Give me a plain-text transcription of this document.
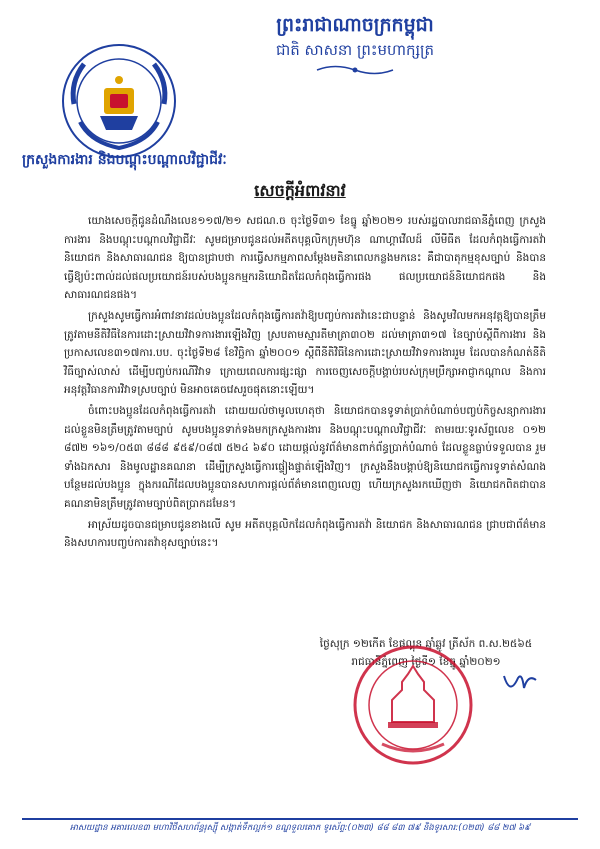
ព្រះរាជាណាចក្រកម្ពុជា
ជាតិ សាសនា ព្រះមហាក្សត្រ
ក្រសួងការងារ និងបណ្តុះបណ្តាលវិជ្ជាជីវៈ
សេចក្តីអំពាវនាវ

យោងសេចក្តីជូនដំណឹងលេខ១១៧/២១ សជណ.ច ចុះថ្ងៃទី៣១ ខែធ្នូ ឆ្នាំ២០២១ របស់រដ្ឋបាលរាជធានីភ្នំពេញ ក្រសួងការងារ និងបណ្តុះបណ្តាលវិជ្ជាជីវៈ សូមជម្រាបជូនដល់អតីតបុគ្គលិកក្រុមហ៊ុន ណាហ្គាវើលដ៍ លីមីធីត ដែលកំពុងធ្វើការតវ៉ា និយោជក និងសាធារណជន ឱ្យបានជ្រាបថា ការធ្វើសកម្មភាពសម្តែងមតិនាពេលកន្លងមកនេះ គឺជាបាតុកម្មខុសច្បាប់ និងបានធ្វើឱ្យប៉ះពាល់ដល់ផលប្រយោជន៍របស់បងប្អូនកម្មករនិយោជិតដែលកំពុងធ្វើការផង ផលប្រយោជន៍និយោជកផង និងសាធារណជនផង។

ក្រសួងសូមធ្វើការអំពាវនាវដល់បងប្អូនដែលកំពុងធ្វើការតវ៉ាឱ្យបញ្ចប់ការតវ៉ានេះជាបន្ទាន់ និងសូមវិលមកអនុវត្តឱ្យបានត្រឹមត្រូវតាមនីតិវិធីនៃការដោះស្រាយវិវាទការងារឡើងវិញ ស្របតាមស្មារតីមាត្រា៣០២ ដល់មាត្រា៣១៧ នៃច្បាប់ស្តីពីការងារ និងប្រកាសលេខ៣១៧ការ.បប. ចុះថ្ងៃទី២៨ ខែវិច្ឆិកា ឆ្នាំ២០០១ ស្តីពីនីតិវិធីនៃការដោះស្រាយវិវាទការងាររួម ដែលបានកំណត់នីតិវិធីច្បាស់លាស់ ដើម្បីបញ្ចប់ករណីវិវាទ ក្រោយពេលការផ្សះផ្សា ការចេញសេចក្តីបង្គាប់របស់ក្រុមប្រឹក្សាអាជ្ញាកណ្តាល និងការអនុវត្តវិធានការវិវាទស្របច្បាប់ មិនអាចគេចវេសរួចផុតនោះឡើយ។

ចំពោះបងប្អូនដែលកំពុងធ្វើការតវ៉ា ដោយយល់ថាមូលហេតុថា និយោជកបានទូទាត់ប្រាក់បំណាច់បញ្ចប់កិច្ចសន្យាការងារ ដល់ខ្លួនមិនត្រឹមត្រូវតាមច្បាប់ សូមបងប្អូនទាក់ទងមកក្រសួងការងារ និងបណ្តុះបណ្តាលវិជ្ជាជីវៈ តាមរយៈទូរស័ព្ទលេខ ០១២ ៨៧២ ១៦១/០៥៣ ៨៨៨ ៩៥៩/០៨៧ ៥២៤ ៦៩០ ដោយផ្តល់នូវព័ត៌មានពាក់ព័ន្ធប្រាក់បំណាច់ ដែលខ្លួនធ្លាប់ទទួលបាន រួមទាំងឯកសារ និងមូលដ្ឋានគណនា ដើម្បីក្រសួងធ្វើការផ្ទៀងផ្ទាត់ឡើងវិញ។ ក្រសួងនឹងបង្គាប់ឱ្យនិយោជកធ្វើការទូទាត់សំណងបន្ថែមដល់បងប្អូន ក្នុងករណីដែលបងប្អូនបានសហការផ្តល់ព័ត៌មានពេញលេញ ហើយក្រសួងរកឃើញថា និយោជកពិតជាបានគណនាមិនត្រឹមត្រូវតាមច្បាប់ពិតប្រាកដមែន។

អាស្រ័យដូចបានជម្រាបជូនខាងលើ សូម អតីតបុគ្គលិកដែលកំពុងធ្វើការតវ៉ា និយោជក និងសាធារណជន ជ្រាបជាព័ត៌មាន និងសហការបញ្ចប់ការតវ៉ាខុសច្បាប់នេះ។

ថ្ងៃសុក្រ ១២កើត ខែផល្គុន ឆ្នាំឆ្លូវ ត្រីស័ក ព.ស.២៥៦៥
រាជធានីភ្នំពេញ ថ្ងៃទី១ ខែធ្នូ ឆ្នាំ២០២១
អាសយដ្ឋាន អគារលេខ៣ មហាវិថីសហព័ន្ធរុស្ស៊ី សង្កាត់ទឹកល្អក់១ ខណ្ឌទួលគោក ទូរស័ព្ទ:(០២៣) ៨៨ ៨៣ ៧៩ និងទូរសារ:(០២៣) ៨៨ ២៧ ៦៩
